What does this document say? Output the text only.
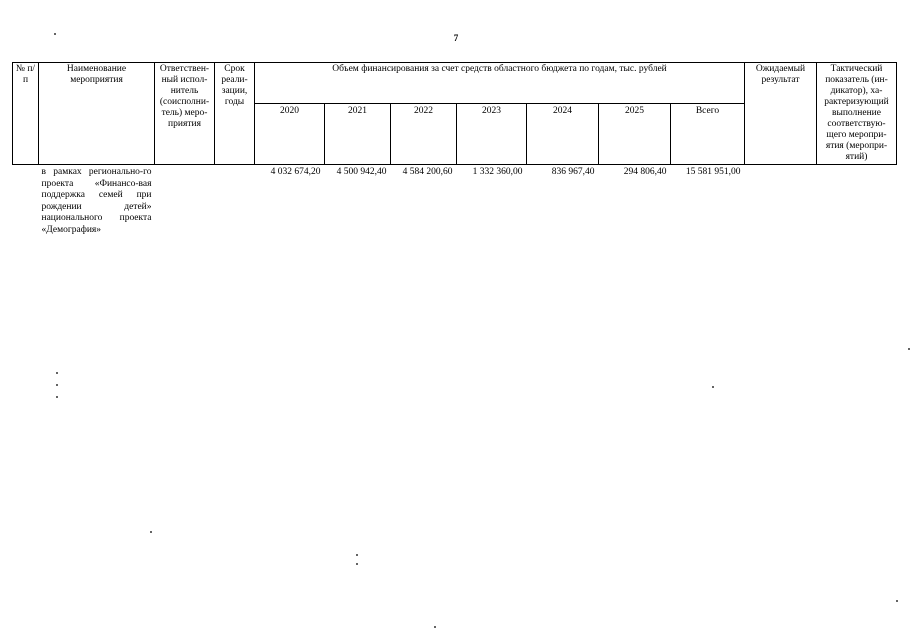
7
№ п/п	Наименование мероприятия	Ответствен-ный испол-нитель (соисполни-тель) меро-приятия	Срок реали-зации, годы	Объем финансирования за счет средств областного бюджета по годам, тыс. рублей							Ожидаемый результат	Тактический показатель (ин-дикатор), ха-рактеризующий выполнение соответствую-щего меропри-ятия (меропри-ятий)

				2020	2021	2022	2023	2024	2025	Всего		
	в рамках регионально-го проекта «Финансо-вая поддержка семей при рождении детей» национального проекта «Демография»			4 032 674,20	4 500 942,40	4 584 200,60	1 332 360,00	836 967,40	294 806,40	15 581 951,00		
